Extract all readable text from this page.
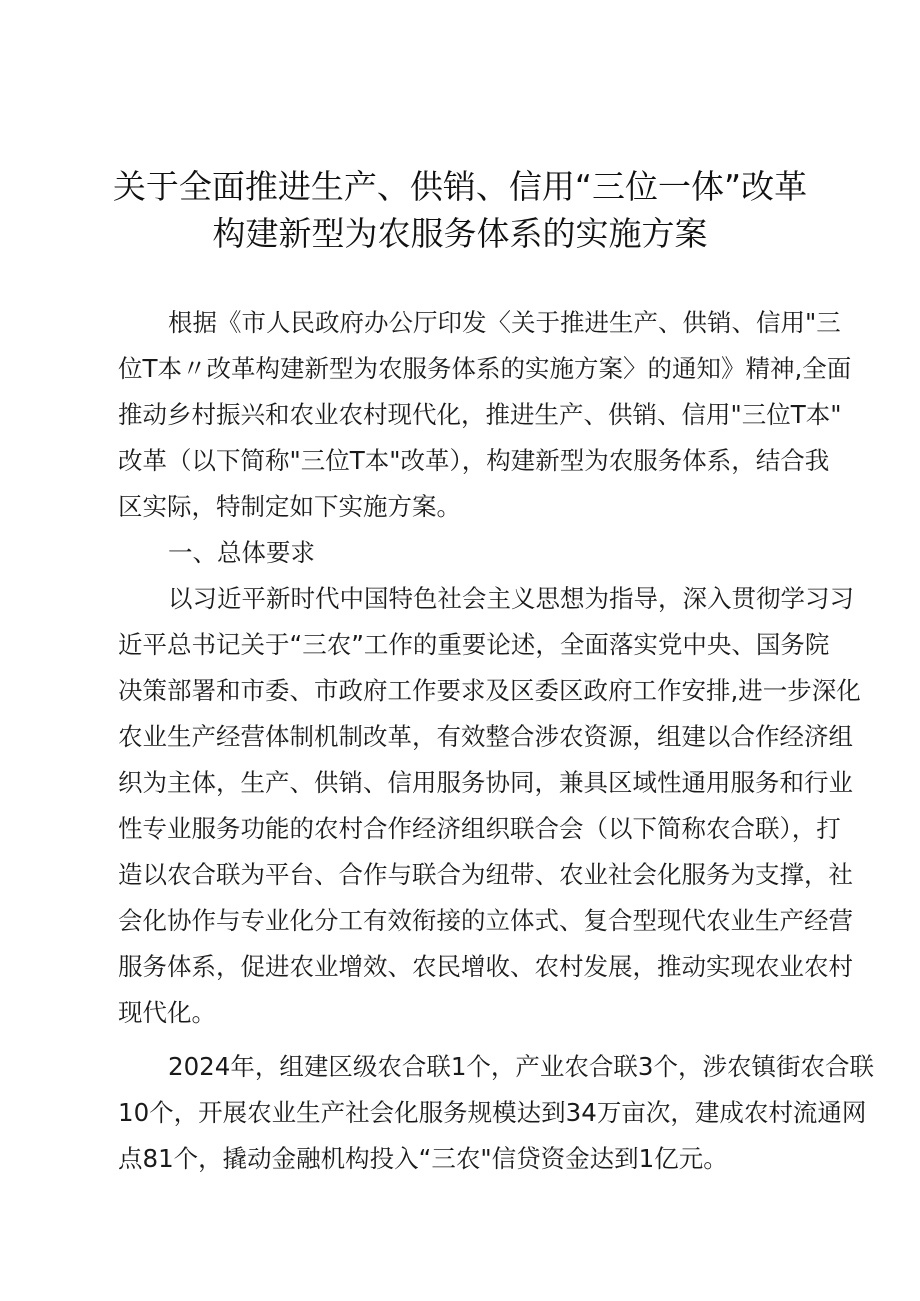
关于全面推进生产、供销、信用“三位一体”改革
构建新型为农服务体系的实施方案
根据《市人民政府办公厅印发〈关于推进生产、供销、信用"三
位T本〃改革构建新型为农服务体系的实施方案〉的通知》精神,全面
推动乡村振兴和农业农村现代化，推进生产、供销、信用"三位T本"
改革（以下简称"三位T本"改革），构建新型为农服务体系，结合我
区实际，特制定如下实施方案。
一、总体要求
以习近平新时代中国特色社会主义思想为指导，深入贯彻学习习
近平总书记关于“三农”工作的重要论述，全面落实党中央、国务院
决策部署和市委、市政府工作要求及区委区政府工作安排,进一步深化
农业生产经营体制机制改革，有效整合涉农资源，组建以合作经济组
织为主体，生产、供销、信用服务协同，兼具区域性通用服务和行业
性专业服务功能的农村合作经济组织联合会（以下简称农合联），打
造以农合联为平台、合作与联合为纽带、农业社会化服务为支撑，社
会化协作与专业化分工有效衔接的立体式、复合型现代农业生产经营
服务体系，促进农业增效、农民增收、农村发展，推动实现农业农村
现代化。
2024年，组建区级农合联1个，产业农合联3个，涉农镇街农合联
10个，开展农业生产社会化服务规模达到34万亩次，建成农村流通网
点81个，撬动金融机构投入“三农"信贷资金达到1亿元。
